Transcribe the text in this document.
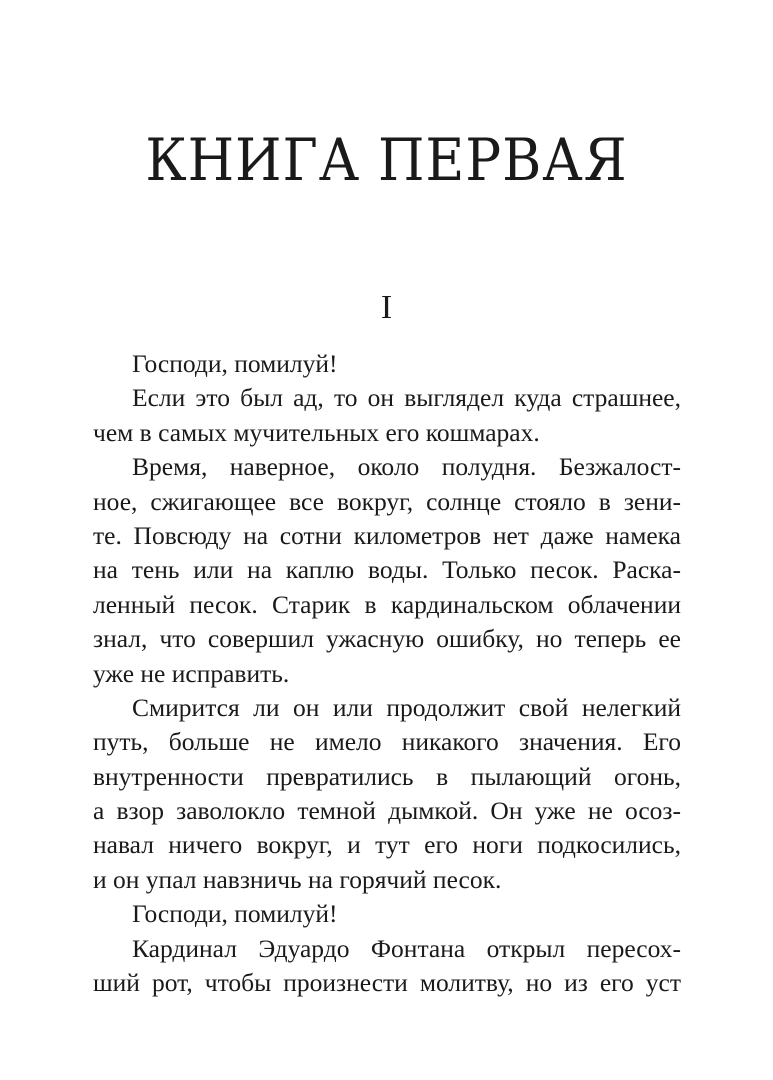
КНИГА ПЕРВАЯ
I
Господи, помилуй!
Если это был ад, то он выглядел куда страшнее,
чем в самых мучительных его кошмарах.
Время, наверное, около полудня. Безжалост-
ное, сжигающее все вокруг, солнце стояло в зени-
те. Повсюду на сотни километров нет даже намека
на тень или на каплю воды. Только песок. Раска-
ленный песок. Старик в кардинальском облачении
знал, что совершил ужасную ошибку, но теперь ее
уже не исправить.
Смирится ли он или продолжит свой нелегкий
путь, больше не имело никакого значения. Его
внутренности превратились в пылающий огонь,
а взор заволокло темной дымкой. Он уже не осоз-
навал ничего вокруг, и тут его ноги подкосились,
и он упал навзничь на горячий песок.
Господи, помилуй!
Кардинал Эдуардо Фонтана открыл пересох-
ший рот, чтобы произнести молитву, но из его уст
